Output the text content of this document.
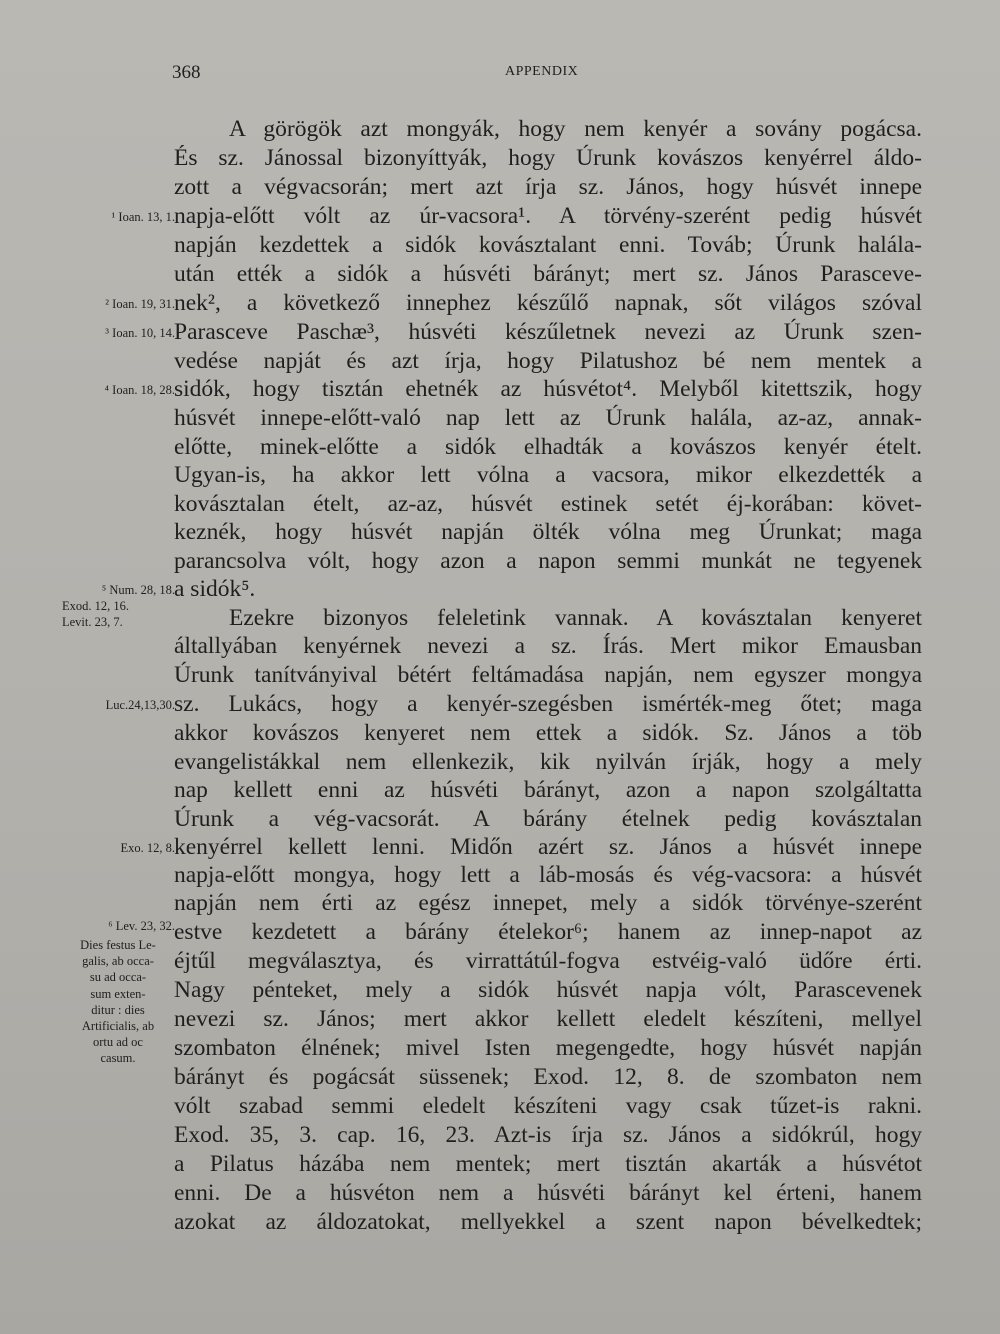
368	APPENDIX
A görögök azt mongyák, hogy nem kenyér a sovány pogácsa.
És sz. Jánossal bizonyíttyák, hogy Úrunk kovászos kenyérrel áldo-
zott a végvacsorán; mert azt írja sz. János, hogy húsvét innepe
napja-előtt vólt az úr-vacsora¹. A törvény-szerént pedig húsvét
napján kezdettek a sidók kovásztalant enni. Továb; Úrunk halála-
után ették a sidók a húsvéti bárányt; mert sz. János Parasceve-
nek², a következő innephez készűlő napnak, sőt világos szóval
Parasceve Paschæ³, húsvéti készűletnek nevezi az Úrunk szen-
vedése napját és azt írja, hogy Pilatushoz bé nem mentek a
sidók, hogy tisztán ehetnék az húsvétot⁴. Melyből kitettszik, hogy
húsvét innepe-előtt-való nap lett az Úrunk halála, az-az, annak-
előtte, minek-előtte a sidók elhadták a kovászos kenyér ételt.
Ugyan-is, ha akkor lett vólna a vacsora, mikor elkezdették a
kovásztalan ételt, az-az, húsvét estinek setét éj-korában: követ-
keznék, hogy húsvét napján ölték vólna meg Úrunkat; maga
parancsolva vólt, hogy azon a napon semmi munkát ne tegyenek
a sidók⁵.
Ezekre bizonyos feleletink vannak. A kovásztalan kenyeret
általlyában kenyérnek nevezi a sz. Írás. Mert mikor Emausban
Úrunk tanítványival bétért feltámadása napján, nem egyszer mongya
sz. Lukács, hogy a kenyér-szegésben ismérték-meg őtet; maga
akkor kovászos kenyeret nem ettek a sidók. Sz. János a töb
evangelistákkal nem ellenkezik, kik nyilván írják, hogy a mely
nap kellett enni az húsvéti bárányt, azon a napon szolgáltatta
Úrunk a vég-vacsorát. A bárány ételnek pedig kovásztalan
kenyérrel kellett lenni. Midőn azért sz. János a húsvét innepe
napja-előtt mongya, hogy lett a láb-mosás és vég-vacsora: a húsvét
napján nem érti az egész innepet, mely a sidók törvénye-szerént
estve kezdetett a bárány ételekor⁶; hanem az innep-napot az
éjtűl megválasztya, és virrattátúl-fogva estvéig-való üdőre érti.
Nagy pénteket, mely a sidók húsvét napja vólt, Parascevenek
nevezi sz. János; mert akkor kellett eledelt készíteni, mellyel
szombaton élnének; mivel Isten megengedte, hogy húsvét napján
bárányt és pogácsát süssenek; Exod. 12, 8. de szombaton nem
vólt szabad semmi eledelt készíteni vagy csak tűzet-is rakni.
Exod. 35, 3. cap. 16, 23. Azt-is írja sz. János a sidókrúl, hogy
a Pilatus házába nem mentek; mert tisztán akarták a húsvétot
enni. De a húsvéton nem a húsvéti bárányt kel érteni, hanem
azokat az áldozatokat, mellyekkel a szent napon bévelkedtek;
¹ Ioan. 13, 1.
² Ioan. 19, 31.
³ Ioan. 10, 14.
⁴ Ioan. 18, 28.
⁵ Num. 28, 18.
Exod. 12, 16.
Levit. 23, 7.
Luc.24,13,30.
Exo. 12, 8.
⁶ Lev. 23, 32.
Dies festus Le-
galis, ab occa-
su ad occa-
sum exten-
ditur : dies
Artificialis, ab
ortu ad oc
casum.
